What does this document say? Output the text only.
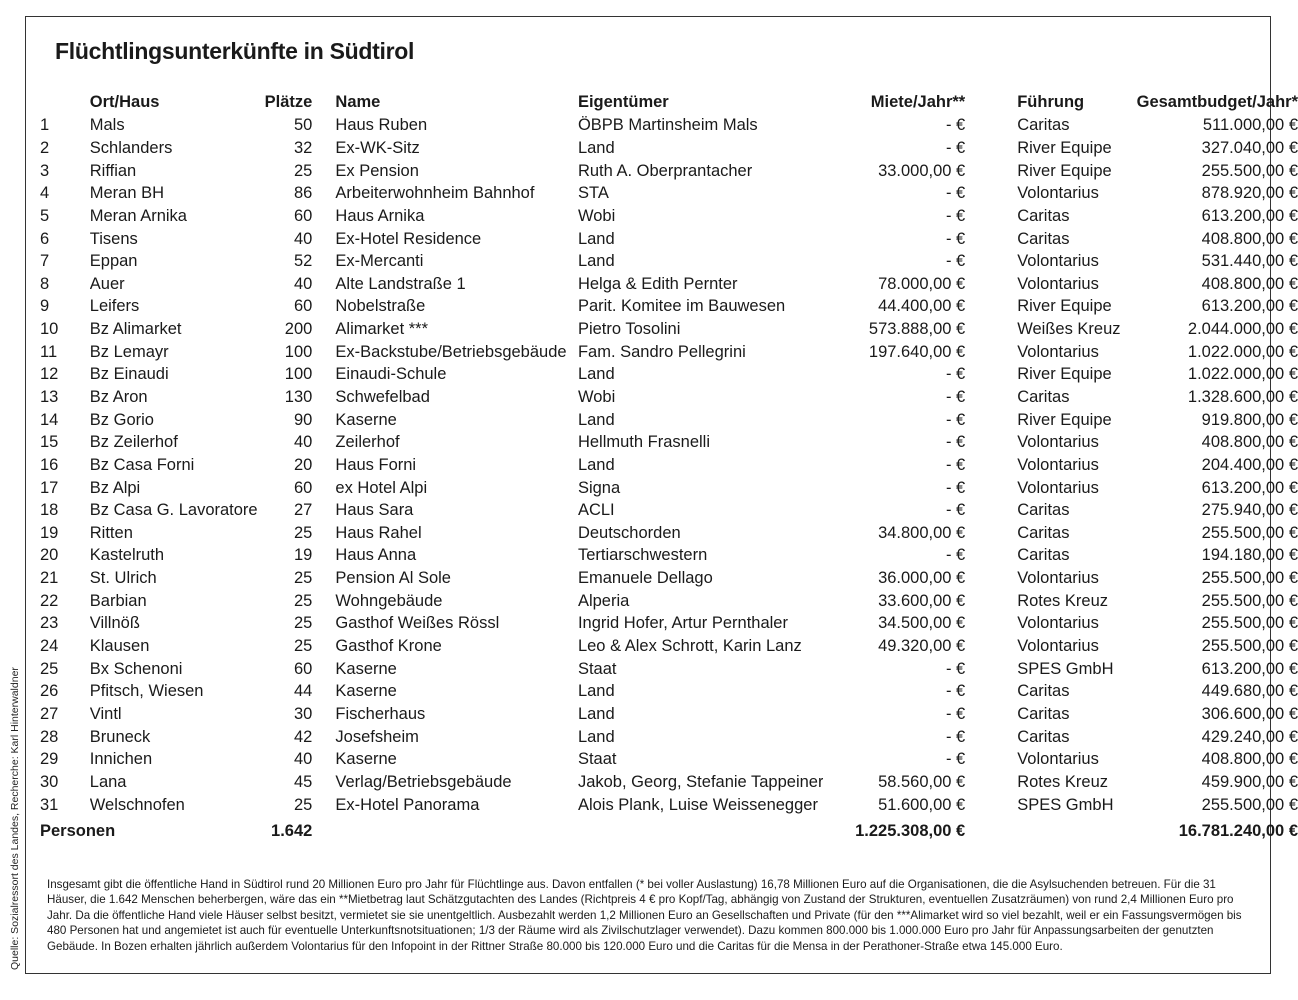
Flüchtlingsunterkünfte in Südtirol
Quelle: Sozialressort des Landes, Recherche: Karl Hinterwaldner
	Ort/Haus	Plätze		Name	Eigentümer	Miete/Jahr**		Führung	Gesamtbudget/Jahr*
1	Mals	50		Haus Ruben	ÖBPB Martinsheim Mals	- €		Caritas	511.000,00 €
2	Schlanders	32		Ex-WK-Sitz	Land	- €		River Equipe	327.040,00 €
3	Riffian	25		Ex Pension	Ruth A. Oberprantacher	33.000,00 €		River Equipe	255.500,00 €
4	Meran BH	86		Arbeiterwohnheim Bahnhof	STA	- €		Volontarius	878.920,00 €
5	Meran Arnika	60		Haus Arnika	Wobi	- €		Caritas	613.200,00 €
6	Tisens	40		Ex-Hotel Residence	Land	- €		Caritas	408.800,00 €
7	Eppan	52		Ex-Mercanti	Land	- €		Volontarius	531.440,00 €
8	Auer	40		Alte Landstraße 1	Helga & Edith Pernter	78.000,00 €		Volontarius	408.800,00 €
9	Leifers	60		Nobelstraße	Parit. Komitee im Bauwesen	44.400,00 €		River Equipe	613.200,00 €
10	Bz Alimarket	200		Alimarket ***	Pietro Tosolini	573.888,00 €		Weißes Kreuz	2.044.000,00 €
11	Bz Lemayr	100		Ex-Backstube/Betriebsgebäude	Fam. Sandro Pellegrini	197.640,00 €		Volontarius	1.022.000,00 €
12	Bz Einaudi	100		Einaudi-Schule	Land	- €		River Equipe	1.022.000,00 €
13	Bz Aron	130		Schwefelbad	Wobi	- €		Caritas	1.328.600,00 €
14	Bz Gorio	90		Kaserne	Land	- €		River Equipe	919.800,00 €
15	Bz Zeilerhof	40		Zeilerhof	Hellmuth Frasnelli	- €		Volontarius	408.800,00 €
16	Bz Casa Forni	20		Haus Forni	Land	- €		Volontarius	204.400,00 €
17	Bz Alpi	60		ex Hotel Alpi	Signa	- €		Volontarius	613.200,00 €
18	Bz Casa G. Lavoratore	27		Haus Sara	ACLI	- €		Caritas	275.940,00 €
19	Ritten	25		Haus Rahel	Deutschorden	34.800,00 €		Caritas	255.500,00 €
20	Kastelruth	19		Haus Anna	Tertiarschwestern	- €		Caritas	194.180,00 €
21	St. Ulrich	25		Pension Al Sole	Emanuele Dellago	36.000,00 €		Volontarius	255.500,00 €
22	Barbian	25		Wohngebäude	Alperia	33.600,00 €		Rotes Kreuz	255.500,00 €
23	Villnöß	25		Gasthof Weißes Rössl	Ingrid Hofer, Artur Pernthaler	34.500,00 €		Volontarius	255.500,00 €
24	Klausen	25		Gasthof Krone	Leo & Alex Schrott, Karin Lanz	49.320,00 €		Volontarius	255.500,00 €
25	Bx Schenoni	60		Kaserne	Staat	- €		SPES GmbH	613.200,00 €
26	Pfitsch, Wiesen	44		Kaserne	Land	- €		Caritas	449.680,00 €
27	Vintl	30		Fischerhaus	Land	- €		Caritas	306.600,00 €
28	Bruneck	42		Josefsheim	Land	- €		Caritas	429.240,00 €
29	Innichen	40		Kaserne	Staat	- €		Volontarius	408.800,00 €
30	Lana	45		Verlag/Betriebsgebäude	Jakob, Georg, Stefanie Tappeiner	58.560,00 €		Rotes Kreuz	459.900,00 €
31	Welschnofen	25		Ex-Hotel Panorama	Alois Plank, Luise Weissenegger	51.600,00 €		SPES GmbH	255.500,00 €
Personen		1.642				1.225.308,00 €			16.781.240,00 €

Insgesamt gibt die öffentliche Hand in Südtirol rund 20 Millionen Euro pro Jahr für Flüchtlinge aus. Davon entfallen (* bei voller Auslastung) 16,78 Millionen Euro auf die Organisationen, die die Asylsuchenden betreuen. Für die 31 Häuser, die 1.642 Menschen beherbergen, wäre das ein **Mietbetrag laut Schätzgutachten des Landes (Richtpreis 4 € pro Kopf/Tag, abhängig von Zustand der Strukturen, eventuellen Zusatzräumen) von rund 2,4 Millionen Euro pro Jahr. Da die öffentliche Hand viele Häuser selbst besitzt, vermietet sie sie unentgeltlich. Ausbezahlt werden 1,2 Millionen Euro an Gesellschaften und Private (für den ***Alimarket wird so viel bezahlt, weil er ein Fassungsvermögen bis 480 Personen hat und angemietet ist auch für eventuelle Unterkunftsnotsituationen; 1/3 der Räume wird als Zivilschutzlager verwendet). Dazu kommen 800.000 bis 1.000.000 Euro pro Jahr für Anpassungsarbeiten der genutzten Gebäude. In Bozen erhalten jährlich außerdem Volontarius für den Infopoint in der Rittner Straße 80.000 bis 120.000 Euro und die Caritas für die Mensa in der Perathoner-Straße etwa 145.000 Euro.
